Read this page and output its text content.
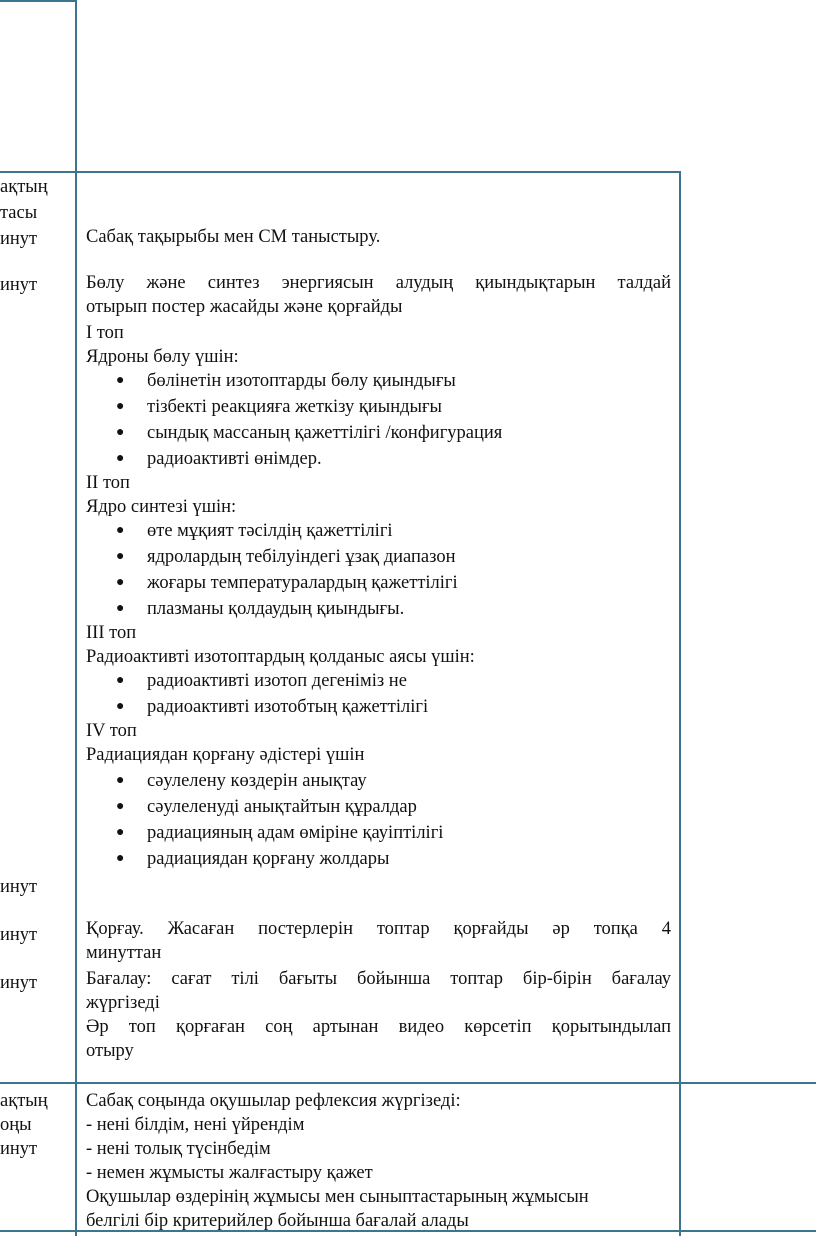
ақтың
тасы
инут
инут
инут
инут
инут
ақтың
оңы
инут
Сабақ тақырыбы мен СМ таныстыру.
Бөлу және синтез энергиясын алудың қиындықтарын талдай
отырып постер жасайды және қорғайды
І топ
Ядроны бөлу үшін:
● бөлінетін изотоптарды бөлу қиындығы
● тізбекті реакцияға жеткізу қиындығы
● сындық массаның қажеттілігі /конфигурация
● радиоактивті өнімдер.
ІІ топ
Ядро синтезі үшін:
● өте мұқият тәсілдің қажеттілігі
● ядролардың тебілуіндегі ұзақ диапазон
● жоғары температуралардың қажеттілігі
● плазманы қолдаудың қиындығы.
ІІІ топ
Радиоактивті изотоптардың қолданыс аясы үшін:
● радиоактивті изотоп дегеніміз не
● радиоактивті изотобтың қажеттілігі
ІV топ
Радиациядан қорғану әдістері үшін
● сәулелену көздерін анықтау
● сәулеленуді анықтайтын құралдар
● радиацияның адам өміріне қауіптілігі
● радиациядан қорғану жолдары
Қорғау. Жасаған постерлерін топтар қорғайды әр топқа 4
минуттан
Бағалау: сағат тілі бағыты бойынша топтар бір-бірін бағалау
жүргізеді
Әр топ қорғаған соң артынан видео көрсетіп қорытындылап
отыру
Сабақ соңында оқушылар рефлексия жүргізеді:
- нені білдім, нені үйрендім
- нені толық түсінбедім
- немен жұмысты жалғастыру қажет
Оқушылар өздерінің жұмысы мен сыныптастарының жұмысын
белгілі бір критерийлер бойынша бағалай алады
